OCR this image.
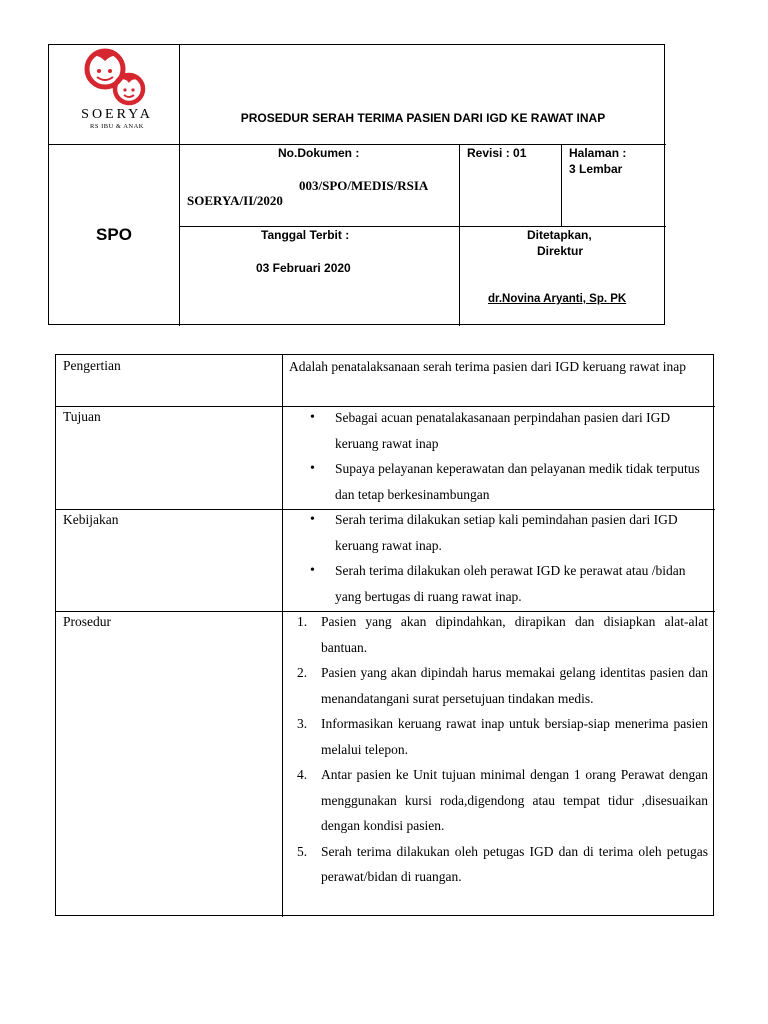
SOERYA
RS IBU & ANAK
PROSEDUR SERAH TERIMA PASIEN DARI IGD KE RAWAT INAP
SPO
No.Dokumen :
003/SPO/MEDIS/RSIA
SOERYA/II/2020
Revisi : 01	Halaman :
3 Lembar
Tanggal Terbit :
03 Februari 2020
Ditetapkan,
Direktur
dr.Novina Aryanti, Sp. PK
Pengertian	Adalah penatalaksanaan serah terima pasien dari IGD keruang rawat inap
Tujuan	• Sebagai acuan penatalakasanaan perpindahan pasien dari IGD keruang rawat inap
• Supaya pelayanan keperawatan dan pelayanan medik tidak terputus dan tetap berkesinambungan
Kebijakan	• Serah terima dilakukan setiap kali pemindahan pasien dari IGD keruang rawat inap.
• Serah terima dilakukan oleh perawat IGD ke perawat atau /bidan yang bertugas di ruang rawat inap.
Prosedur	1. Pasien yang akan dipindahkan, dirapikan dan disiapkan alat-alat bantuan.
2. Pasien yang akan dipindah harus memakai gelang identitas pasien dan menandatangani surat persetujuan tindakan medis.
3. Informasikan keruang rawat inap untuk bersiap-siap menerima pasien melalui telepon.
4. Antar pasien ke Unit tujuan minimal dengan 1 orang Perawat dengan menggunakan kursi roda,digendong atau tempat tidur ,disesuaikan dengan kondisi pasien.
5. Serah terima dilakukan oleh petugas IGD dan di terima oleh petugas perawat/bidan di ruangan.
